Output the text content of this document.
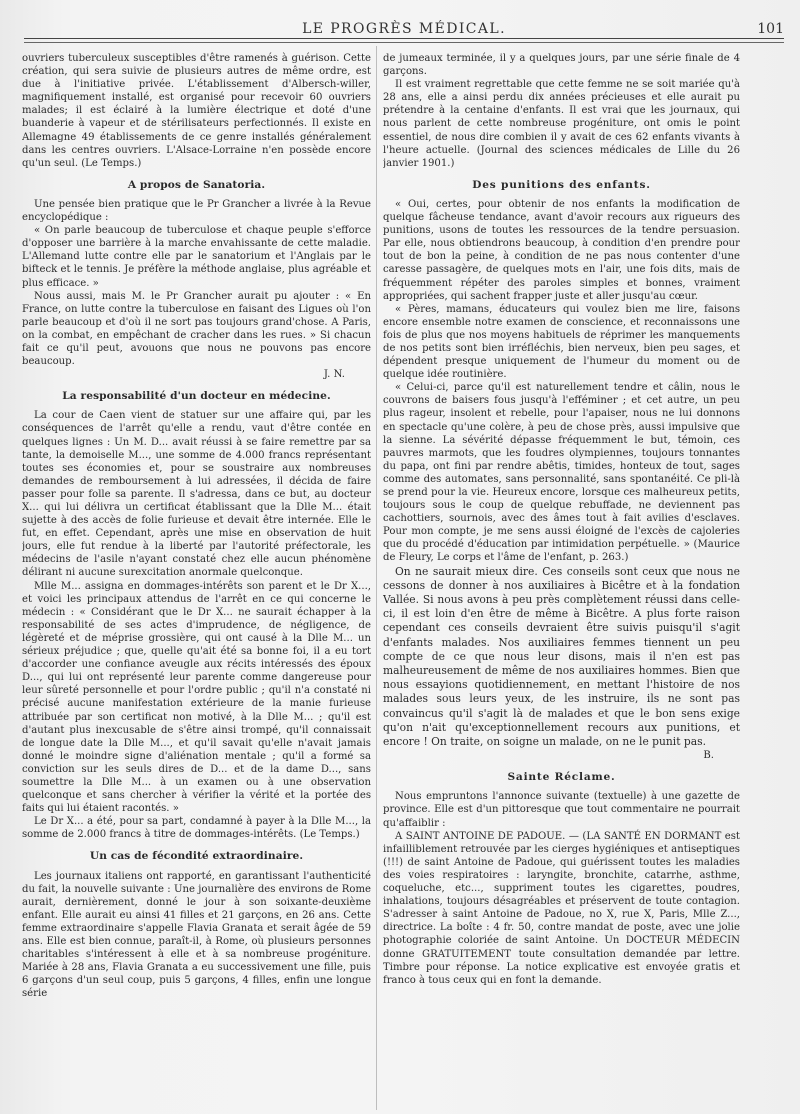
LE PROGRÈS MÉDICAL.	101

ouvriers tuberculeux susceptibles d'être ramenés à guérison. Cette création, qui sera suivie de plusieurs autres de même ordre, est due à l'initiative privée. L'établissement d'Albersch-willer, magnifiquement installé, est organisé pour recevoir 60 ouvriers malades; il est éclairé à la lumière électrique et doté d'une buanderie à vapeur et de stérilisateurs perfectionnés. Il existe en Allemagne 49 établissements de ce genre installés généralement dans les centres ouvriers. L'Alsace-Lorraine n'en possède encore qu'un seul. (Le Temps.)

A propos de Sanatoria.

Une pensée bien pratique que le Pr Grancher a livrée à la Revue encyclopédique :

« On parle beaucoup de tuberculose et chaque peuple s'efforce d'opposer une barrière à la marche envahissante de cette maladie. L'Allemand lutte contre elle par le sanatorium et l'Anglais par le bifteck et le tennis. Je préfère la méthode anglaise, plus agréable et plus efficace. »

Nous aussi, mais M. le Pr Grancher aurait pu ajouter : « En France, on lutte contre la tuberculose en faisant des Ligues où l'on parle beaucoup et d'où il ne sort pas toujours grand'chose. A Paris, on la combat, en empêchant de cracher dans les rues. » Si chacun fait ce qu'il peut, avouons que nous ne pouvons pas encore beaucoup.

J. N.
La responsabilité d'un docteur en médecine.

La cour de Caen vient de statuer sur une affaire qui, par les conséquences de l'arrêt qu'elle a rendu, vaut d'être contée en quelques lignes : Un M. D... avait réussi à se faire remettre par sa tante, la demoiselle M..., une somme de 4.000 francs représentant toutes ses économies et, pour se soustraire aux nombreuses demandes de remboursement à lui adressées, il décida de faire passer pour folle sa parente. Il s'adressa, dans ce but, au docteur X... qui lui délivra un certificat établissant que la Dlle M... était sujette à des accès de folie furieuse et devait être internée. Elle le fut, en effet. Cependant, après une mise en observation de huit jours, elle fut rendue à la liberté par l'autorité préfectorale, les médecins de l'asile n'ayant constaté chez elle aucun phénomène délirant ni aucune surexcitation anormale quelconque.

Mlle M... assigna en dommages-intérêts son parent et le Dr X..., et voici les principaux attendus de l'arrêt en ce qui concerne le médecin : « Considérant que le Dr X... ne saurait échapper à la responsabilité de ses actes d'imprudence, de négligence, de légèreté et de méprise grossière, qui ont causé à la Dlle M... un sérieux préjudice ; que, quelle qu'ait été sa bonne foi, il a eu tort d'accorder une confiance aveugle aux récits intéressés des époux D..., qui lui ont représenté leur parente comme dangereuse pour leur sûreté personnelle et pour l'ordre public ; qu'il n'a constaté ni précisé aucune manifestation extérieure de la manie furieuse attribuée par son certificat non motivé, à la Dlle M... ; qu'il est d'autant plus inexcusable de s'être ainsi trompé, qu'il connaissait de longue date la Dlle M..., et qu'il savait qu'elle n'avait jamais donné le moindre signe d'aliénation mentale ; qu'il a formé sa conviction sur les seuls dires de D... et de la dame D..., sans soumettre la Dlle M... à un examen ou à une observation quelconque et sans chercher à vérifier la vérité et la portée des faits qui lui étaient racontés. »

Le Dr X... a été, pour sa part, condamné à payer à la Dlle M..., la somme de 2.000 francs à titre de dommages-intérêts. (Le Temps.)

Un cas de fécondité extraordinaire.

Les journaux italiens ont rapporté, en garantissant l'authenticité du fait, la nouvelle suivante : Une journalière des environs de Rome aurait, dernièrement, donné le jour à son soixante-deuxième enfant. Elle aurait eu ainsi 41 filles et 21 garçons, en 26 ans. Cette femme extraordinaire s'appelle Flavia Granata et serait âgée de 59 ans. Elle est bien connue, paraît-il, à Rome, où plusieurs personnes charitables s'intéressent à elle et à sa nombreuse progéniture. Mariée à 28 ans, Flavia Granata a eu successivement une fille, puis 6 garçons d'un seul coup, puis 5 garçons, 4 filles, enfin une longue série

de jumeaux terminée, il y a quelques jours, par une série finale de 4 garçons.

Il est vraiment regrettable que cette femme ne se soit mariée qu'à 28 ans, elle a ainsi perdu dix années précieuses et elle aurait pu prétendre à la centaine d'enfants. Il est vrai que les journaux, qui nous parlent de cette nombreuse progéniture, ont omis le point essentiel, de nous dire combien il y avait de ces 62 enfants vivants à l'heure actuelle. (Journal des sciences médicales de Lille du 26 janvier 1901.)

Des punitions des enfants.

« Oui, certes, pour obtenir de nos enfants la modification de quelque fâcheuse tendance, avant d'avoir recours aux rigueurs des punitions, usons de toutes les ressources de la tendre persuasion. Par elle, nous obtiendrons beaucoup, à condition d'en prendre pour tout de bon la peine, à condition de ne pas nous contenter d'une caresse passagère, de quelques mots en l'air, une fois dits, mais de fréquemment répéter des paroles simples et bonnes, vraiment appropriées, qui sachent frapper juste et aller jusqu'au cœur.

« Pères, mamans, éducateurs qui voulez bien me lire, faisons encore ensemble notre examen de conscience, et reconnaissons une fois de plus que nos moyens habituels de réprimer les manquements de nos petits sont bien irréfléchis, bien nerveux, bien peu sages, et dépendent presque uniquement de l'humeur du moment ou de quelque idée routinière.

« Celui-ci, parce qu'il est naturellement tendre et câlin, nous le couvrons de baisers fous jusqu'à l'efféminer ; et cet autre, un peu plus rageur, insolent et rebelle, pour l'apaiser, nous ne lui donnons en spectacle qu'une colère, à peu de chose près, aussi impulsive que la sienne. La sévérité dépasse fréquemment le but, témoin, ces pauvres marmots, que les foudres olympiennes, toujours tonnantes du papa, ont fini par rendre abêtis, timides, honteux de tout, sages comme des automates, sans personnalité, sans spontanéité. Ce pli-là se prend pour la vie. Heureux encore, lorsque ces malheureux petits, toujours sous le coup de quelque rebuffade, ne deviennent pas cachottiers, sournois, avec des âmes tout à fait avilies d'esclaves. Pour mon compte, je me sens aussi éloigné de l'excès de cajoleries que du procédé d'éducation par intimidation perpétuelle. » (Maurice de Fleury, Le corps et l'âme de l'enfant, p. 263.)

On ne saurait mieux dire. Ces conseils sont ceux que nous ne cessons de donner à nos auxiliaires à Bicêtre et à la fondation Vallée. Si nous avons à peu près complètement réussi dans celle-ci, il est loin d'en être de même à Bicêtre. A plus forte raison cependant ces conseils devraient être suivis puisqu'il s'agit d'enfants malades. Nos auxiliaires femmes tiennent un peu compte de ce que nous leur disons, mais il n'en est pas malheureusement de même de nos auxiliaires hommes. Bien que nous essayions quotidiennement, en mettant l'histoire de nos malades sous leurs yeux, de les instruire, ils ne sont pas convaincus qu'il s'agit là de malades et que le bon sens exige qu'on n'ait qu'exceptionnellement recours aux punitions, et encore ! On traite, on soigne un malade, on ne le punit pas.

B.
Sainte Réclame.

Nous empruntons l'annonce suivante (textuelle) à une gazette de province. Elle est d'un pittoresque que tout commentaire ne pourrait qu'affaiblir :

A SAINT ANTOINE DE PADOUE. — (LA SANTÉ EN DORMANT est infailliblement retrouvée par les cierges hygiéniques et antiseptiques (!!!) de saint Antoine de Padoue, qui guérissent toutes les maladies des voies respiratoires : laryngite, bronchite, catarrhe, asthme, coqueluche, etc..., suppriment toutes les cigarettes, poudres, inhalations, toujours désagréables et préservent de toute contagion. S'adresser à saint Antoine de Padoue, no X, rue X, Paris, Mlle Z..., directrice. La boîte : 4 fr. 50, contre mandat de poste, avec une jolie photographie coloriée de saint Antoine. Un DOCTEUR MÉDECIN donne GRATUITEMENT toute consultation demandée par lettre. Timbre pour réponse. La notice explicative est envoyée gratis et franco à tous ceux qui en font la demande.
